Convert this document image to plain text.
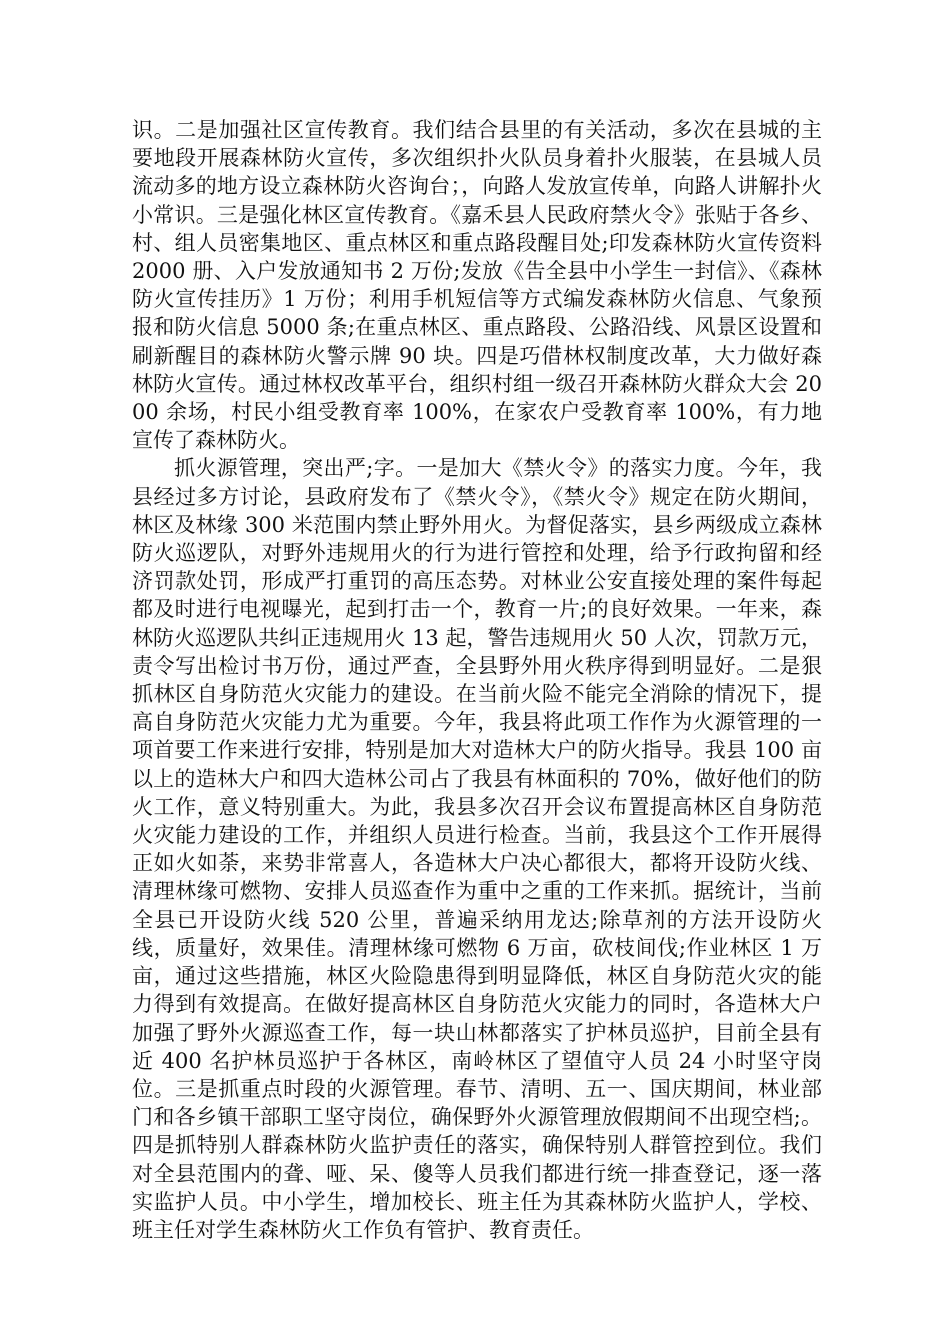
识。二是加强社区宣传教育。我们结合县里的有关活动，多次在县城的主要地段开展森林防火宣传，多次组织扑火队员身着扑火服装，在县城人员流动多的地方设立森林防火咨询台；，向路人发放宣传单，向路人讲解扑火小常识。三是强化林区宣传教育。《嘉禾县人民政府禁火令》张贴于各乡、村、组人员密集地区、重点林区和重点路段醒目处;印发森林防火宣传资料 2000 册、入户发放通知书 2 万份;发放《告全县中小学生一封信》、《森林防火宣传挂历》1 万份；利用手机短信等方式编发森林防火信息、气象预报和防火信息 5000 条;在重点林区、重点路段、公路沿线、风景区设置和刷新醒目的森林防火警示牌 90 块。四是巧借林权制度改革，大力做好森林防火宣传。通过林权改革平台，组织村组一级召开森林防火群众大会 2000 余场，村民小组受教育率 100%，在家农户受教育率 100%，有力地宣传了森林防火。

抓火源管理，突出严;字。一是加大《禁火令》的落实力度。今年，我县经过多方讨论，县政府发布了《禁火令》，《禁火令》规定在防火期间，林区及林缘 300 米范围内禁止野外用火。为督促落实，县乡两级成立森林防火巡逻队，对野外违规用火的行为进行管控和处理，给予行政拘留和经济罚款处罚，形成严打重罚的高压态势。对林业公安直接处理的案件每起都及时进行电视曝光，起到打击一个，教育一片;的良好效果。一年来，森林防火巡逻队共纠正违规用火 13 起，警告违规用火 50 人次，罚款万元，责令写出检讨书万份，通过严查，全县野外用火秩序得到明显好。二是狠抓林区自身防范火灾能力的建设。在当前火险不能完全消除的情况下，提高自身防范火灾能力尤为重要。今年，我县将此项工作作为火源管理的一项首要工作来进行安排，特别是加大对造林大户的防火指导。我县 100 亩以上的造林大户和四大造林公司占了我县有林面积的 70%，做好他们的防火工作，意义特别重大。为此，我县多次召开会议布置提高林区自身防范火灾能力建设的工作，并组织人员进行检查。当前，我县这个工作开展得正如火如荼，来势非常喜人，各造林大户决心都很大，都将开设防火线、清理林缘可燃物、安排人员巡查作为重中之重的工作来抓。据统计，当前全县已开设防火线 520 公里，普遍采纳用龙达;除草剂的方法开设防火线，质量好，效果佳。清理林缘可燃物 6 万亩，砍枝间伐;作业林区 1 万亩，通过这些措施，林区火险隐患得到明显降低，林区自身防范火灾的能力得到有效提高。在做好提高林区自身防范火灾能力的同时，各造林大户加强了野外火源巡查工作，每一块山林都落实了护林员巡护，目前全县有近 400 名护林员巡护于各林区，南岭林区了望值守人员 24 小时坚守岗位。三是抓重点时段的火源管理。春节、清明、五一、国庆期间，林业部门和各乡镇干部职工坚守岗位，确保野外火源管理放假期间不出现空档;。四是抓特别人群森林防火监护责任的落实，确保特别人群管控到位。我们对全县范围内的聋、哑、呆、傻等人员我们都进行统一排查登记，逐一落实监护人员。中小学生，增加校长、班主任为其森林防火监护人，学校、班主任对学生森林防火工作负有管护、教育责任。
